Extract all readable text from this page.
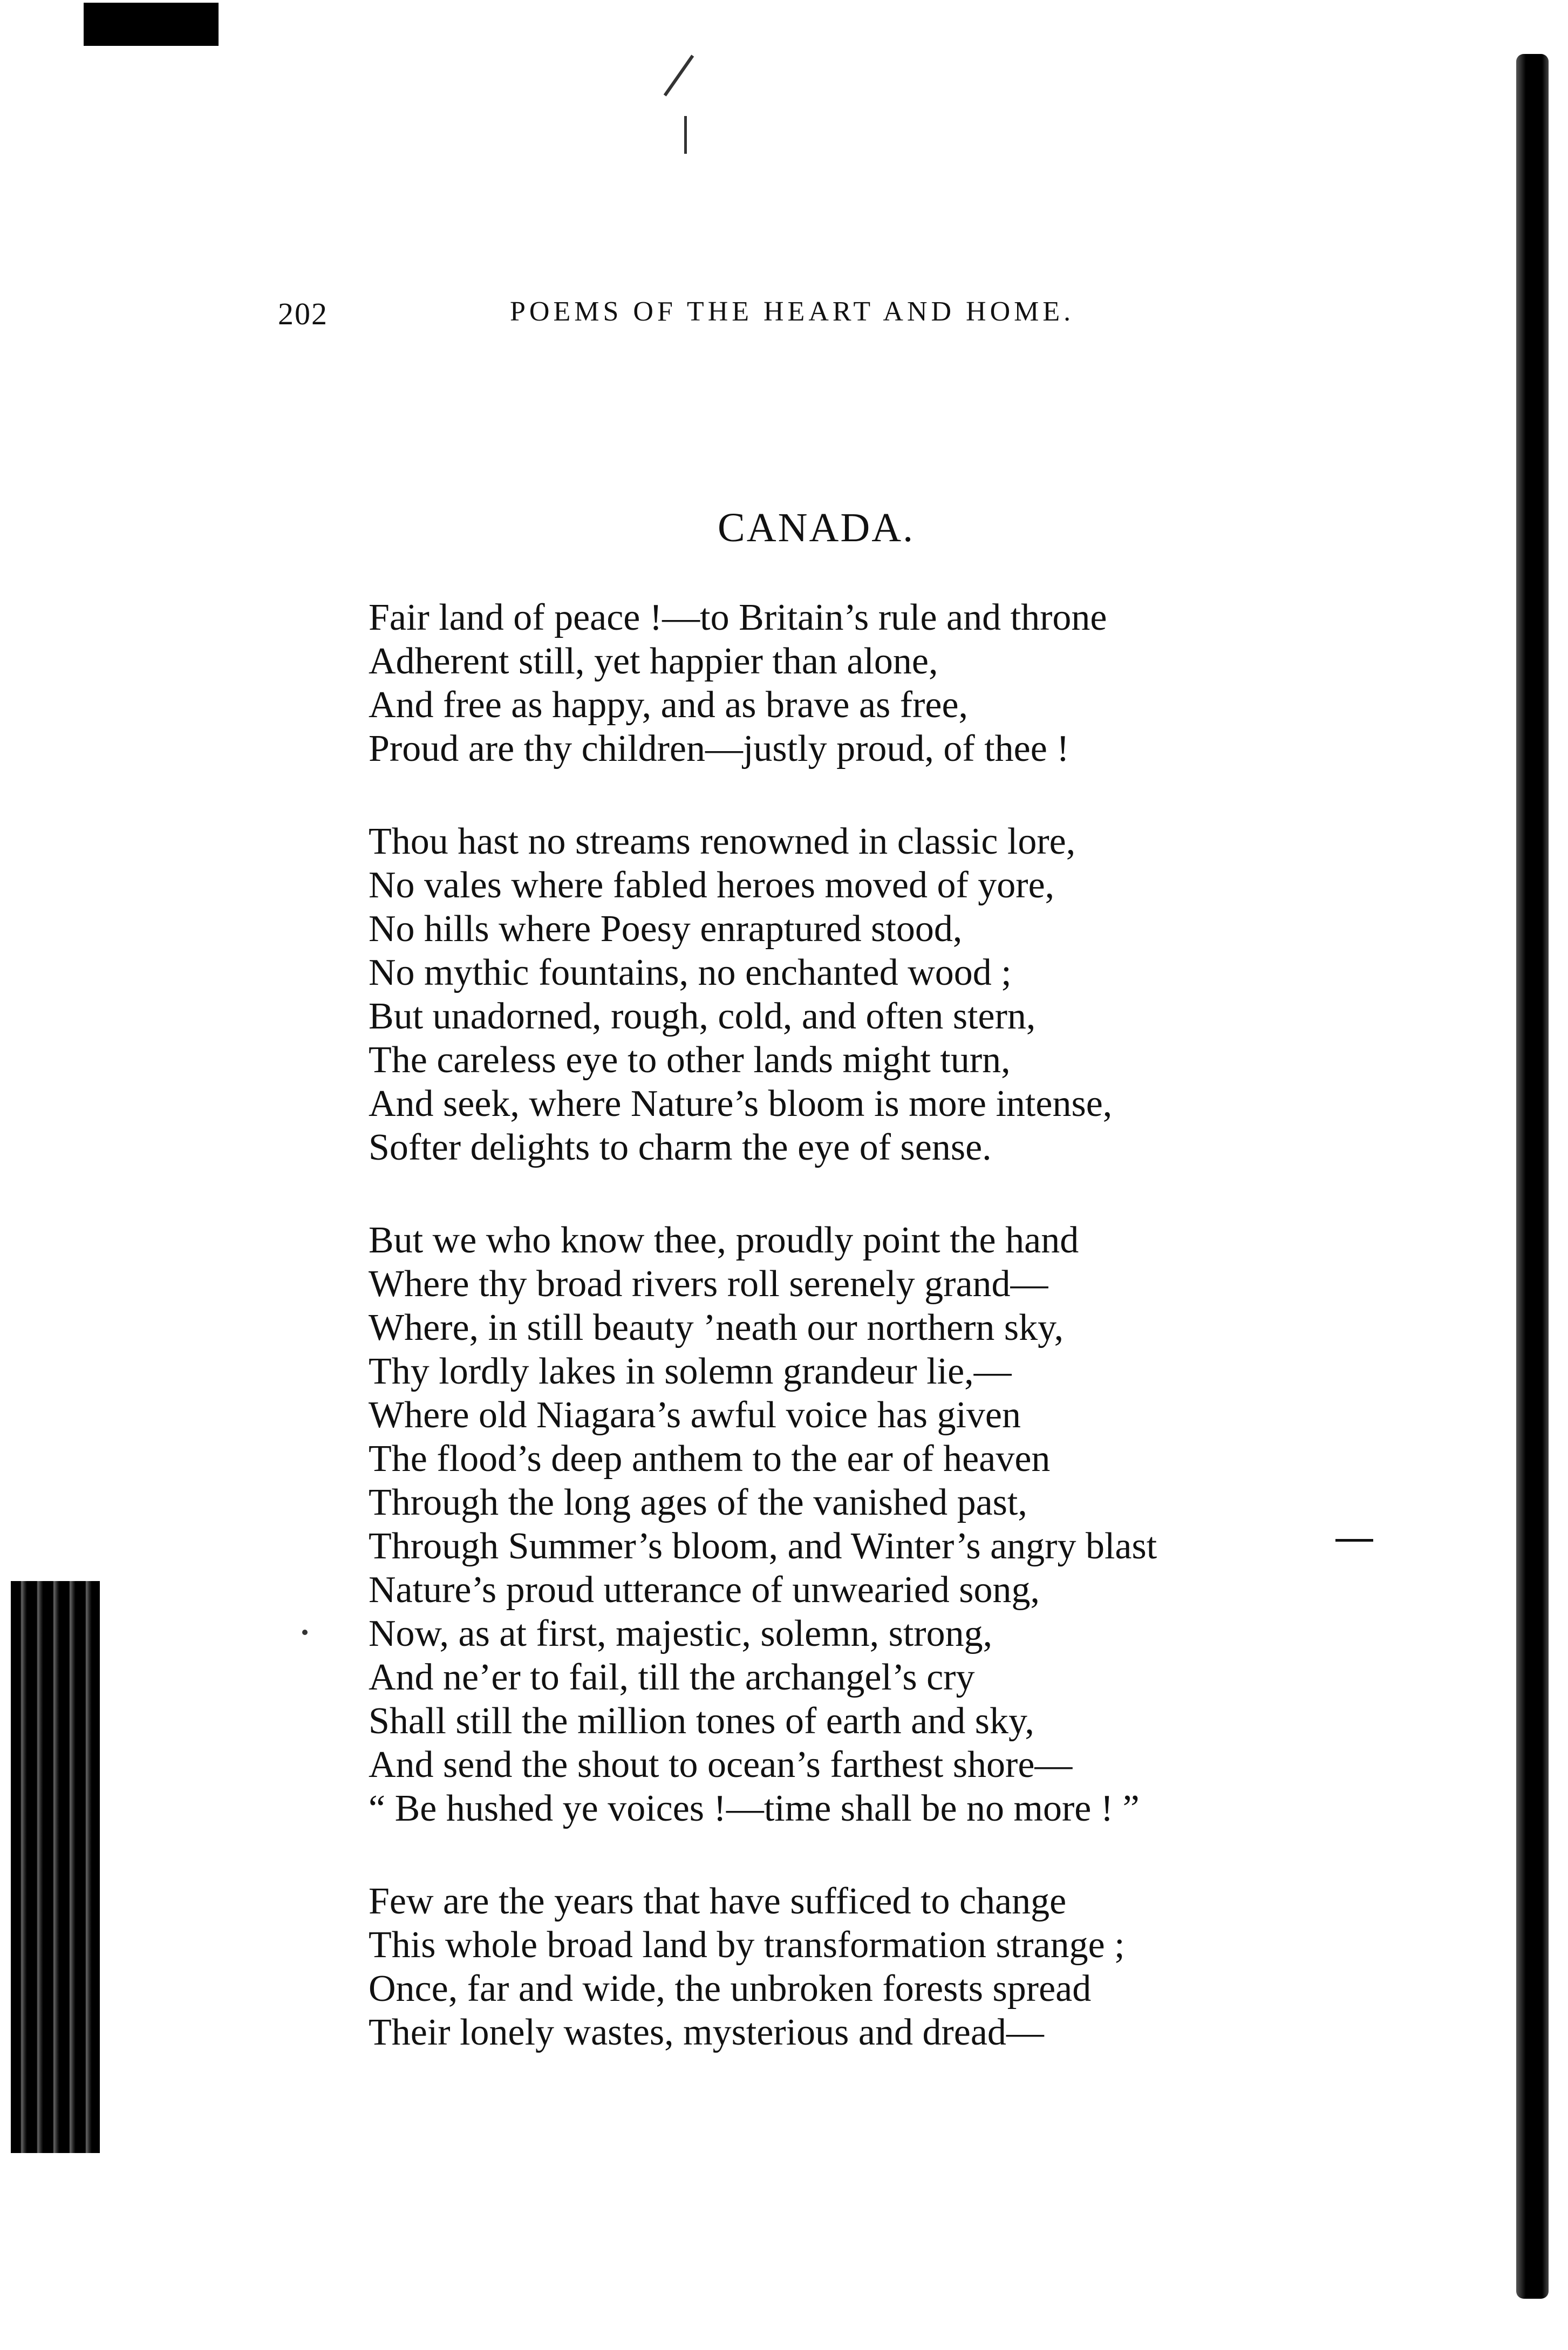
202	POEMS OF THE HEART AND HOME.
CANADA.
Fair land of peace !—to Britain’s rule and throne
Adherent still, yet happier than alone,
And free as happy, and as brave as free,
Proud are thy children—justly proud, of thee !
Thou hast no streams renowned in classic lore,
No vales where fabled heroes moved of yore,
No hills where Poesy enraptured stood,
No mythic fountains, no enchanted wood ;
But unadorned, rough, cold, and often stern,
The careless eye to other lands might turn,
And seek, where Nature’s bloom is more intense,
Softer delights to charm the eye of sense.
But we who know thee, proudly point the hand
Where thy broad rivers roll serenely grand—
Where, in still beauty ’neath our northern sky,
Thy lordly lakes in solemn grandeur lie,—
Where old Niagara’s awful voice has given
The flood’s deep anthem to the ear of heaven
Through the long ages of the vanished past,
Through Summer’s bloom, and Winter’s angry blast
Nature’s proud utterance of unwearied song,
Now, as at first, majestic, solemn, strong,
And ne’er to fail, till the archangel’s cry
Shall still the million tones of earth and sky,
And send the shout to ocean’s farthest shore—
“ Be hushed ye voices !—time shall be no more ! ”
Few are the years that have sufficed to change
This whole broad land by transformation strange ;
Once, far and wide, the unbroken forests spread
Their lonely wastes, mysterious and dread—
